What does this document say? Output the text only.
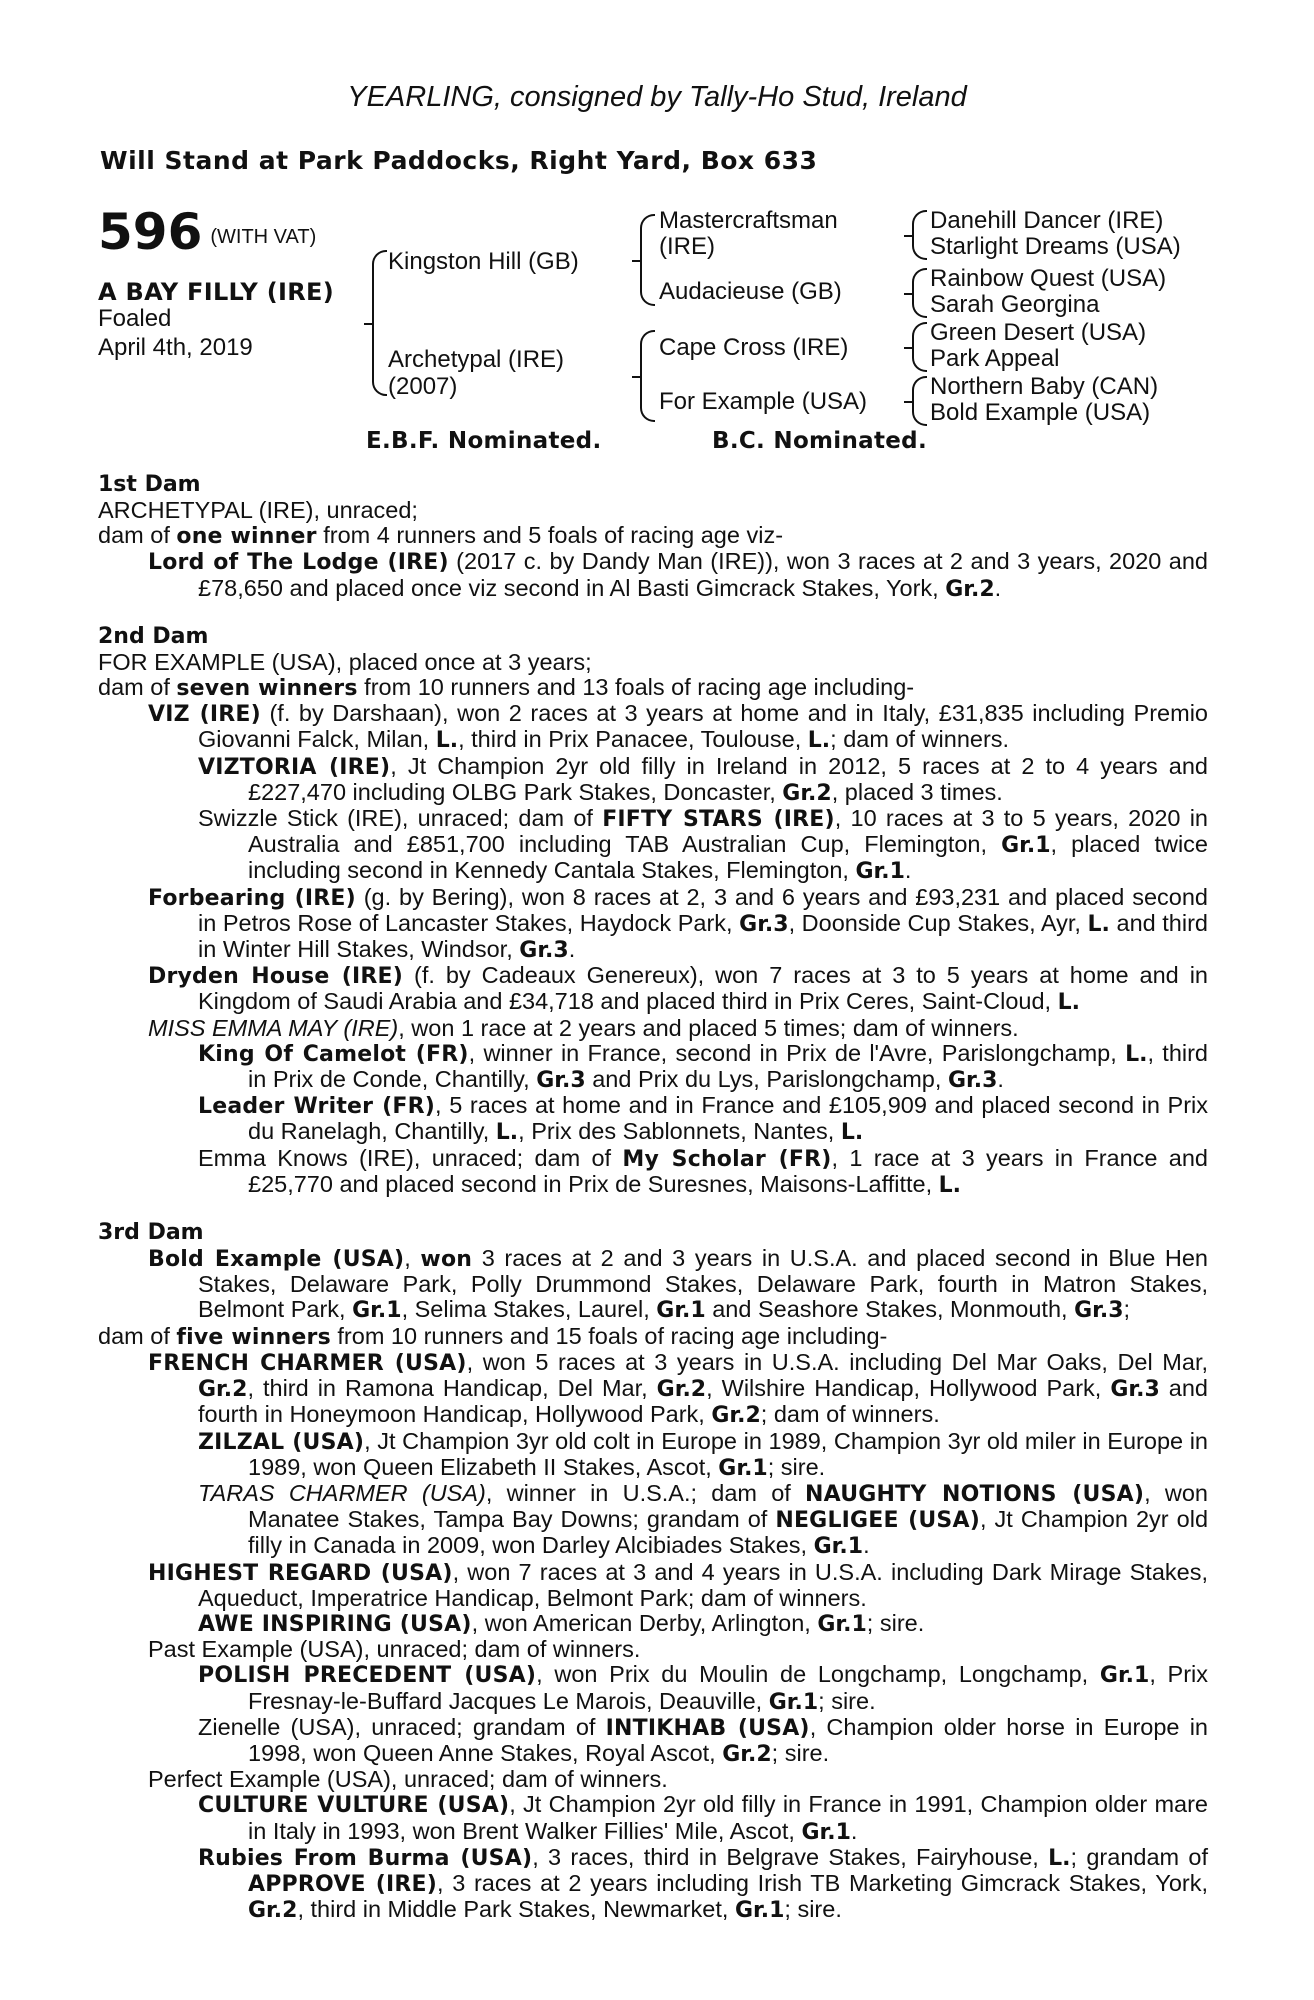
YEARLING, consigned by Tally-Ho Stud, Ireland
Will Stand at Park Paddocks, Right Yard, Box 633
596 (WITH VAT)
A BAY FILLY (IRE)
Foaled
April 4th, 2019
Kingston Hill (GB)
Archetypal (IRE)
(2007)
Mastercraftsman
(IRE)
Audacieuse (GB)
Cape Cross (IRE)
For Example (USA)
Danehill Dancer (IRE)
Starlight Dreams (USA)
Rainbow Quest (USA)
Sarah Georgina
Green Desert (USA)
Park Appeal
Northern Baby (CAN)
Bold Example (USA)
E.B.F. Nominated.	B.C. Nominated.
1st Dam
ARCHETYPAL (IRE), unraced;
dam of one winner from 4 runners and 5 foals of racing age viz-
Lord of The Lodge (IRE) (2017 c. by Dandy Man (IRE)), won 3 races at 2 and 3 years, 2020 and £78,650 and placed once viz second in Al Basti Gimcrack Stakes, York, Gr.2.
2nd Dam
FOR EXAMPLE (USA), placed once at 3 years;
dam of seven winners from 10 runners and 13 foals of racing age including-
VIZ (IRE) (f. by Darshaan), won 2 races at 3 years at home and in Italy, £31,835 including Premio Giovanni Falck, Milan, L., third in Prix Panacee, Toulouse, L.; dam of winners.
VIZTORIA (IRE), Jt Champion 2yr old filly in Ireland in 2012, 5 races at 2 to 4 years and £227,470 including OLBG Park Stakes, Doncaster, Gr.2, placed 3 times.
Swizzle Stick (IRE), unraced; dam of FIFTY STARS (IRE), 10 races at 3 to 5 years, 2020 in Australia and £851,700 including TAB Australian Cup, Flemington, Gr.1, placed twice including second in Kennedy Cantala Stakes, Flemington, Gr.1.
Forbearing (IRE) (g. by Bering), won 8 races at 2, 3 and 6 years and £93,231 and placed second in Petros Rose of Lancaster Stakes, Haydock Park, Gr.3, Doonside Cup Stakes, Ayr, L. and third in Winter Hill Stakes, Windsor, Gr.3.
Dryden House (IRE) (f. by Cadeaux Genereux), won 7 races at 3 to 5 years at home and in Kingdom of Saudi Arabia and £34,718 and placed third in Prix Ceres, Saint-Cloud, L.
MISS EMMA MAY (IRE), won 1 race at 2 years and placed 5 times; dam of winners.
King Of Camelot (FR), winner in France, second in Prix de l'Avre, Parislongchamp, L., third in Prix de Conde, Chantilly, Gr.3 and Prix du Lys, Parislongchamp, Gr.3.
Leader Writer (FR), 5 races at home and in France and £105,909 and placed second in Prix du Ranelagh, Chantilly, L., Prix des Sablonnets, Nantes, L.
Emma Knows (IRE), unraced; dam of My Scholar (FR), 1 race at 3 years in France and £25,770 and placed second in Prix de Suresnes, Maisons-Laffitte, L.
3rd Dam
Bold Example (USA), won 3 races at 2 and 3 years in U.S.A. and placed second in Blue Hen Stakes, Delaware Park, Polly Drummond Stakes, Delaware Park, fourth in Matron Stakes, Belmont Park, Gr.1, Selima Stakes, Laurel, Gr.1 and Seashore Stakes, Monmouth, Gr.3;
dam of five winners from 10 runners and 15 foals of racing age including-
FRENCH CHARMER (USA), won 5 races at 3 years in U.S.A. including Del Mar Oaks, Del Mar, Gr.2, third in Ramona Handicap, Del Mar, Gr.2, Wilshire Handicap, Hollywood Park, Gr.3 and fourth in Honeymoon Handicap, Hollywood Park, Gr.2; dam of winners.
ZILZAL (USA), Jt Champion 3yr old colt in Europe in 1989, Champion 3yr old miler in Europe in 1989, won Queen Elizabeth II Stakes, Ascot, Gr.1; sire.
TARAS CHARMER (USA), winner in U.S.A.; dam of NAUGHTY NOTIONS (USA), won Manatee Stakes, Tampa Bay Downs; grandam of NEGLIGEE (USA), Jt Champion 2yr old filly in Canada in 2009, won Darley Alcibiades Stakes, Gr.1.
HIGHEST REGARD (USA), won 7 races at 3 and 4 years in U.S.A. including Dark Mirage Stakes, Aqueduct, Imperatrice Handicap, Belmont Park; dam of winners.
AWE INSPIRING (USA), won American Derby, Arlington, Gr.1; sire.
Past Example (USA), unraced; dam of winners.
POLISH PRECEDENT (USA), won Prix du Moulin de Longchamp, Longchamp, Gr.1, Prix Fresnay-le-Buffard Jacques Le Marois, Deauville, Gr.1; sire.
Zienelle (USA), unraced; grandam of INTIKHAB (USA), Champion older horse in Europe in 1998, won Queen Anne Stakes, Royal Ascot, Gr.2; sire.
Perfect Example (USA), unraced; dam of winners.
CULTURE VULTURE (USA), Jt Champion 2yr old filly in France in 1991, Champion older mare in Italy in 1993, won Brent Walker Fillies' Mile, Ascot, Gr.1.
Rubies From Burma (USA), 3 races, third in Belgrave Stakes, Fairyhouse, L.; grandam of APPROVE (IRE), 3 races at 2 years including Irish TB Marketing Gimcrack Stakes, York, Gr.2, third in Middle Park Stakes, Newmarket, Gr.1; sire.
